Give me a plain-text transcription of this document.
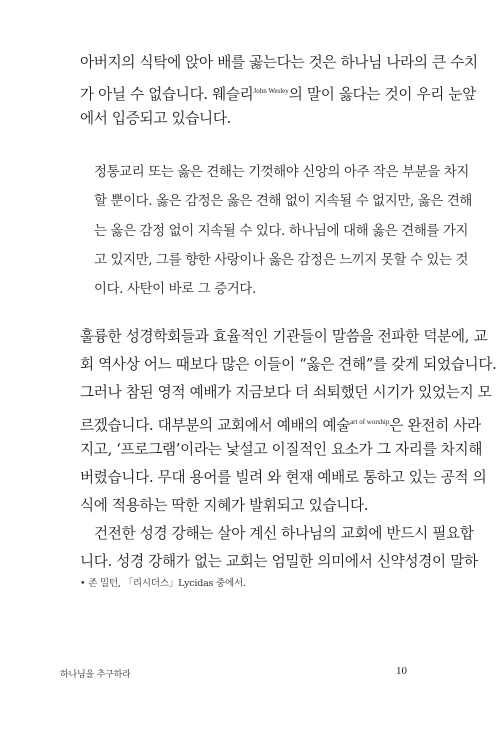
아버지의 식탁에 앉아 배를 곯는다는 것은 하나님 나라의 큰 수치
가 아닐 수 없습니다. 웨슬리$^{John Wesley}$의 말이 옳다는 것이 우리 눈앞
에서 입증되고 있습니다.
정통교리 또는 옳은 견해는 기껏해야 신앙의 아주 작은 부분을 차지
할 뿐이다. 옳은 감정은 옳은 견해 없이 지속될 수 없지만, 옳은 견해
는 옳은 감정 없이 지속될 수 있다. 하나님에 대해 옳은 견해를 가지
고 있지만, 그를 향한 사랑이나 옳은 감정은 느끼지 못할 수 있는 것
이다. 사탄이 바로 그 증거다.
훌륭한 성경학회들과 효율적인 기관들이 말씀을 전파한 덕분에, 교
회 역사상 어느 때보다 많은 이들이 “옳은 견해”를 갖게 되었습니다.
그러나 참된 영적 예배가 지금보다 더 쇠퇴했던 시기가 있었는지 모
르겠습니다. 대부분의 교회에서 예배의 예술$^{art of worship}$은 완전히 사라
지고, ‘프로그램’이라는 낯설고 이질적인 요소가 그 자리를 차지해
버렸습니다. 무대 용어를 빌려 와 현재 예배로 통하고 있는 공적 의
식에 적용하는 딱한 지혜가 발휘되고 있습니다.
건전한 성경 강해는 살아 계신 하나님의 교회에 반드시 필요합
니다. 성경 강해가 없는 교회는 엄밀한 의미에서 신약성경이 말하
• 존 밀턴, 「리시더스」Lycidas 중에서.
하나님을 추구하라	10
